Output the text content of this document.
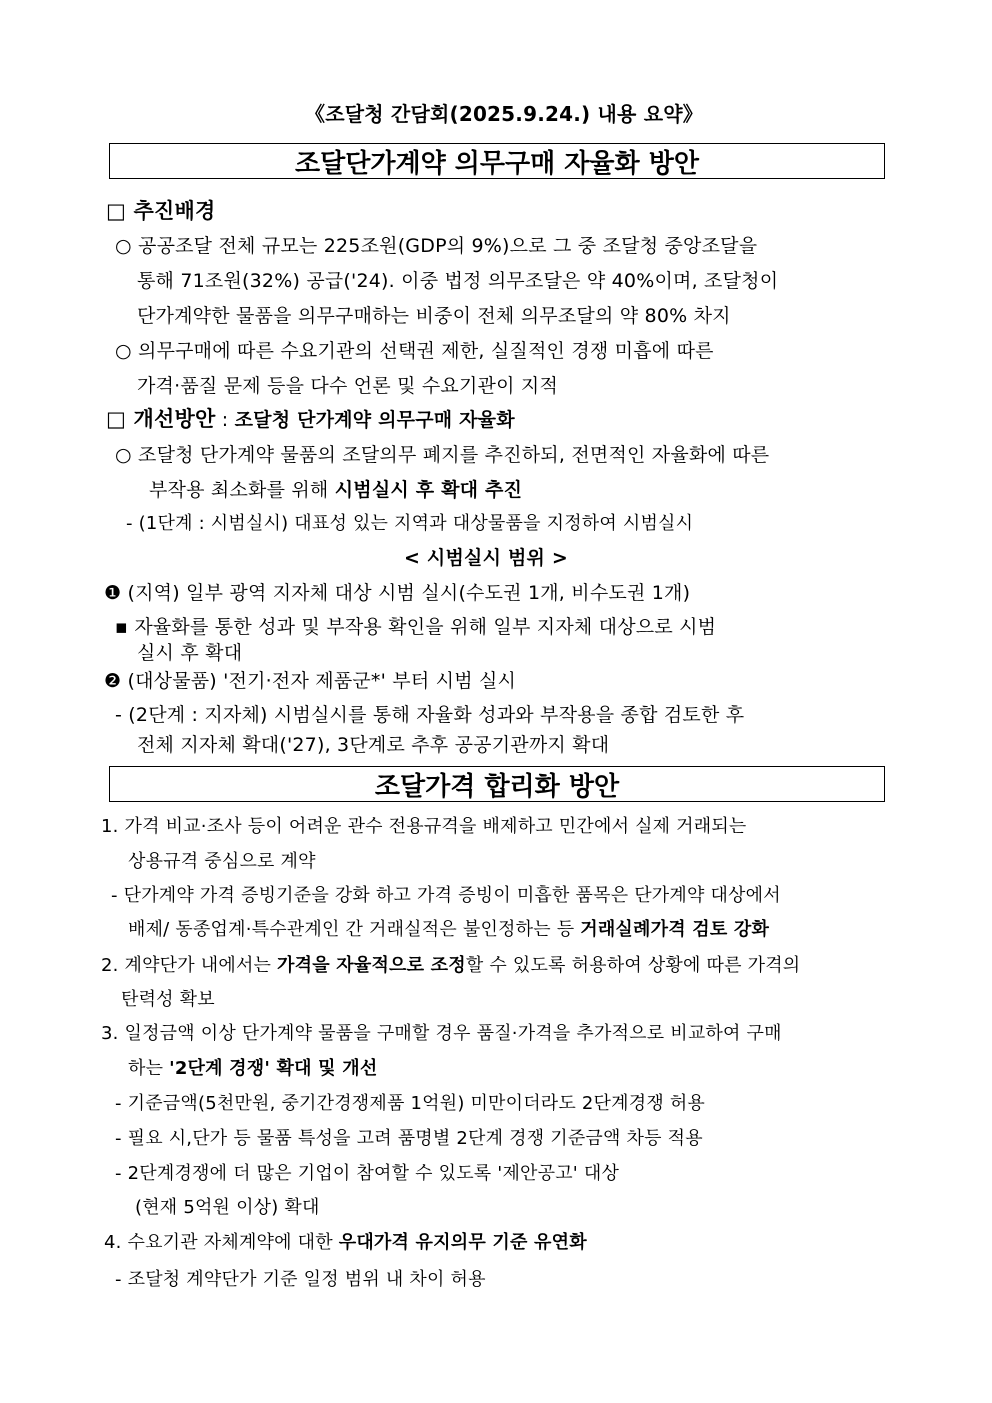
《조달청 간담회(2025.9.24.) 내용 요약》
조달단가계약 의무구매 자율화 방안
□ 추진배경
○ 공공조달 전체 규모는 225조원(GDP의 9%)으로 그 중 조달청 중앙조달을
통해 71조원(32%) 공급('24). 이중 법정 의무조달은 약 40%이며, 조달청이
단가계약한 물품을 의무구매하는 비중이 전체 의무조달의 약 80% 차지
○ 의무구매에 따른 수요기관의 선택권 제한, 실질적인 경쟁 미흡에 따른
가격·품질 문제 등을 다수 언론 및 수요기관이 지적
□ 개선방안 : 조달청 단가계약 의무구매 자율화
○ 조달청 단가계약 물품의 조달의무 폐지를 추진하되, 전면적인 자율화에 따른
부작용 최소화를 위해 시범실시 후 확대 추진
- (1단계 : 시범실시) 대표성 있는 지역과 대상물품을 지정하여 시범실시
< 시범실시 범위 >
❶ (지역) 일부 광역 지자체 대상 시범 실시(수도권 1개, 비수도권 1개)
▪ 자율화를 통한 성과 및 부작용 확인을 위해 일부 지자체 대상으로 시범
실시 후 확대
❷ (대상물품) '전기·전자 제품군*' 부터 시범 실시
- (2단계 : 지자체) 시범실시를 통해 자율화 성과와 부작용을 종합 검토한 후
전체 지자체 확대('27), 3단계로 추후 공공기관까지 확대
조달가격 합리화 방안
1. 가격 비교·조사 등이 어려운 관수 전용규격을 배제하고 민간에서 실제 거래되는
상용규격 중심으로 계약
- 단가계약 가격 증빙기준을 강화 하고 가격 증빙이 미흡한 품목은 단가계약 대상에서
배제/ 동종업계·특수관계인 간 거래실적은 불인정하는 등 거래실례가격 검토 강화
2. 계약단가 내에서는 가격을 자율적으로 조정할 수 있도록 허용하여 상황에 따른 가격의
탄력성 확보
3. 일정금액 이상 단가계약 물품을 구매할 경우 품질·가격을 추가적으로 비교하여 구매
하는 '2단계 경쟁' 확대 및 개선
- 기준금액(5천만원, 중기간경쟁제품 1억원) 미만이더라도 2단계경쟁 허용
- 필요 시,단가 등 물품 특성을 고려 품명별 2단계 경쟁 기준금액 차등 적용
- 2단계경쟁에 더 많은 기업이 참여할 수 있도록 '제안공고' 대상
(현재 5억원 이상) 확대
4. 수요기관 자체계약에 대한 우대가격 유지의무 기준 유연화
- 조달청 계약단가 기준 일정 범위 내 차이 허용
